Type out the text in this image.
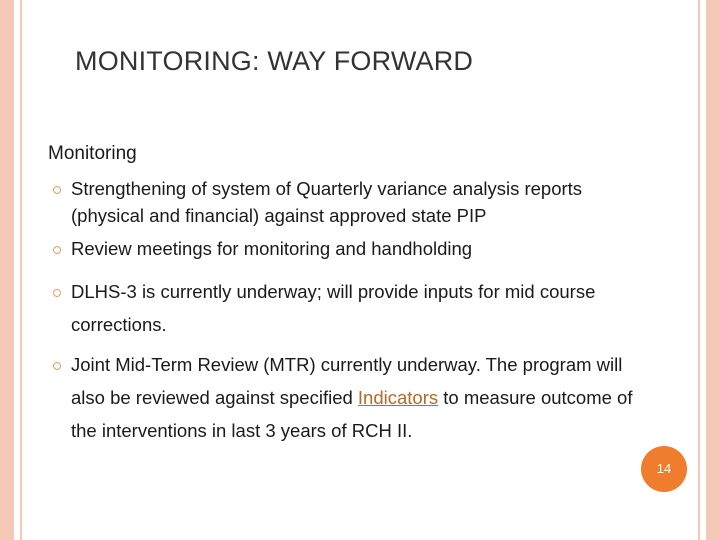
MONITORING: WAY FORWARD
Monitoring
Strengthening of system of Quarterly variance analysis reports
(physical and financial) against approved state PIP
Review meetings for monitoring and handholding
DLHS-3 is currently underway; will provide inputs for mid course
corrections.
Joint Mid-Term Review (MTR) currently underway. The program will
also be reviewed against specified Indicators to measure outcome of
the interventions in last 3 years of RCH II.
14
